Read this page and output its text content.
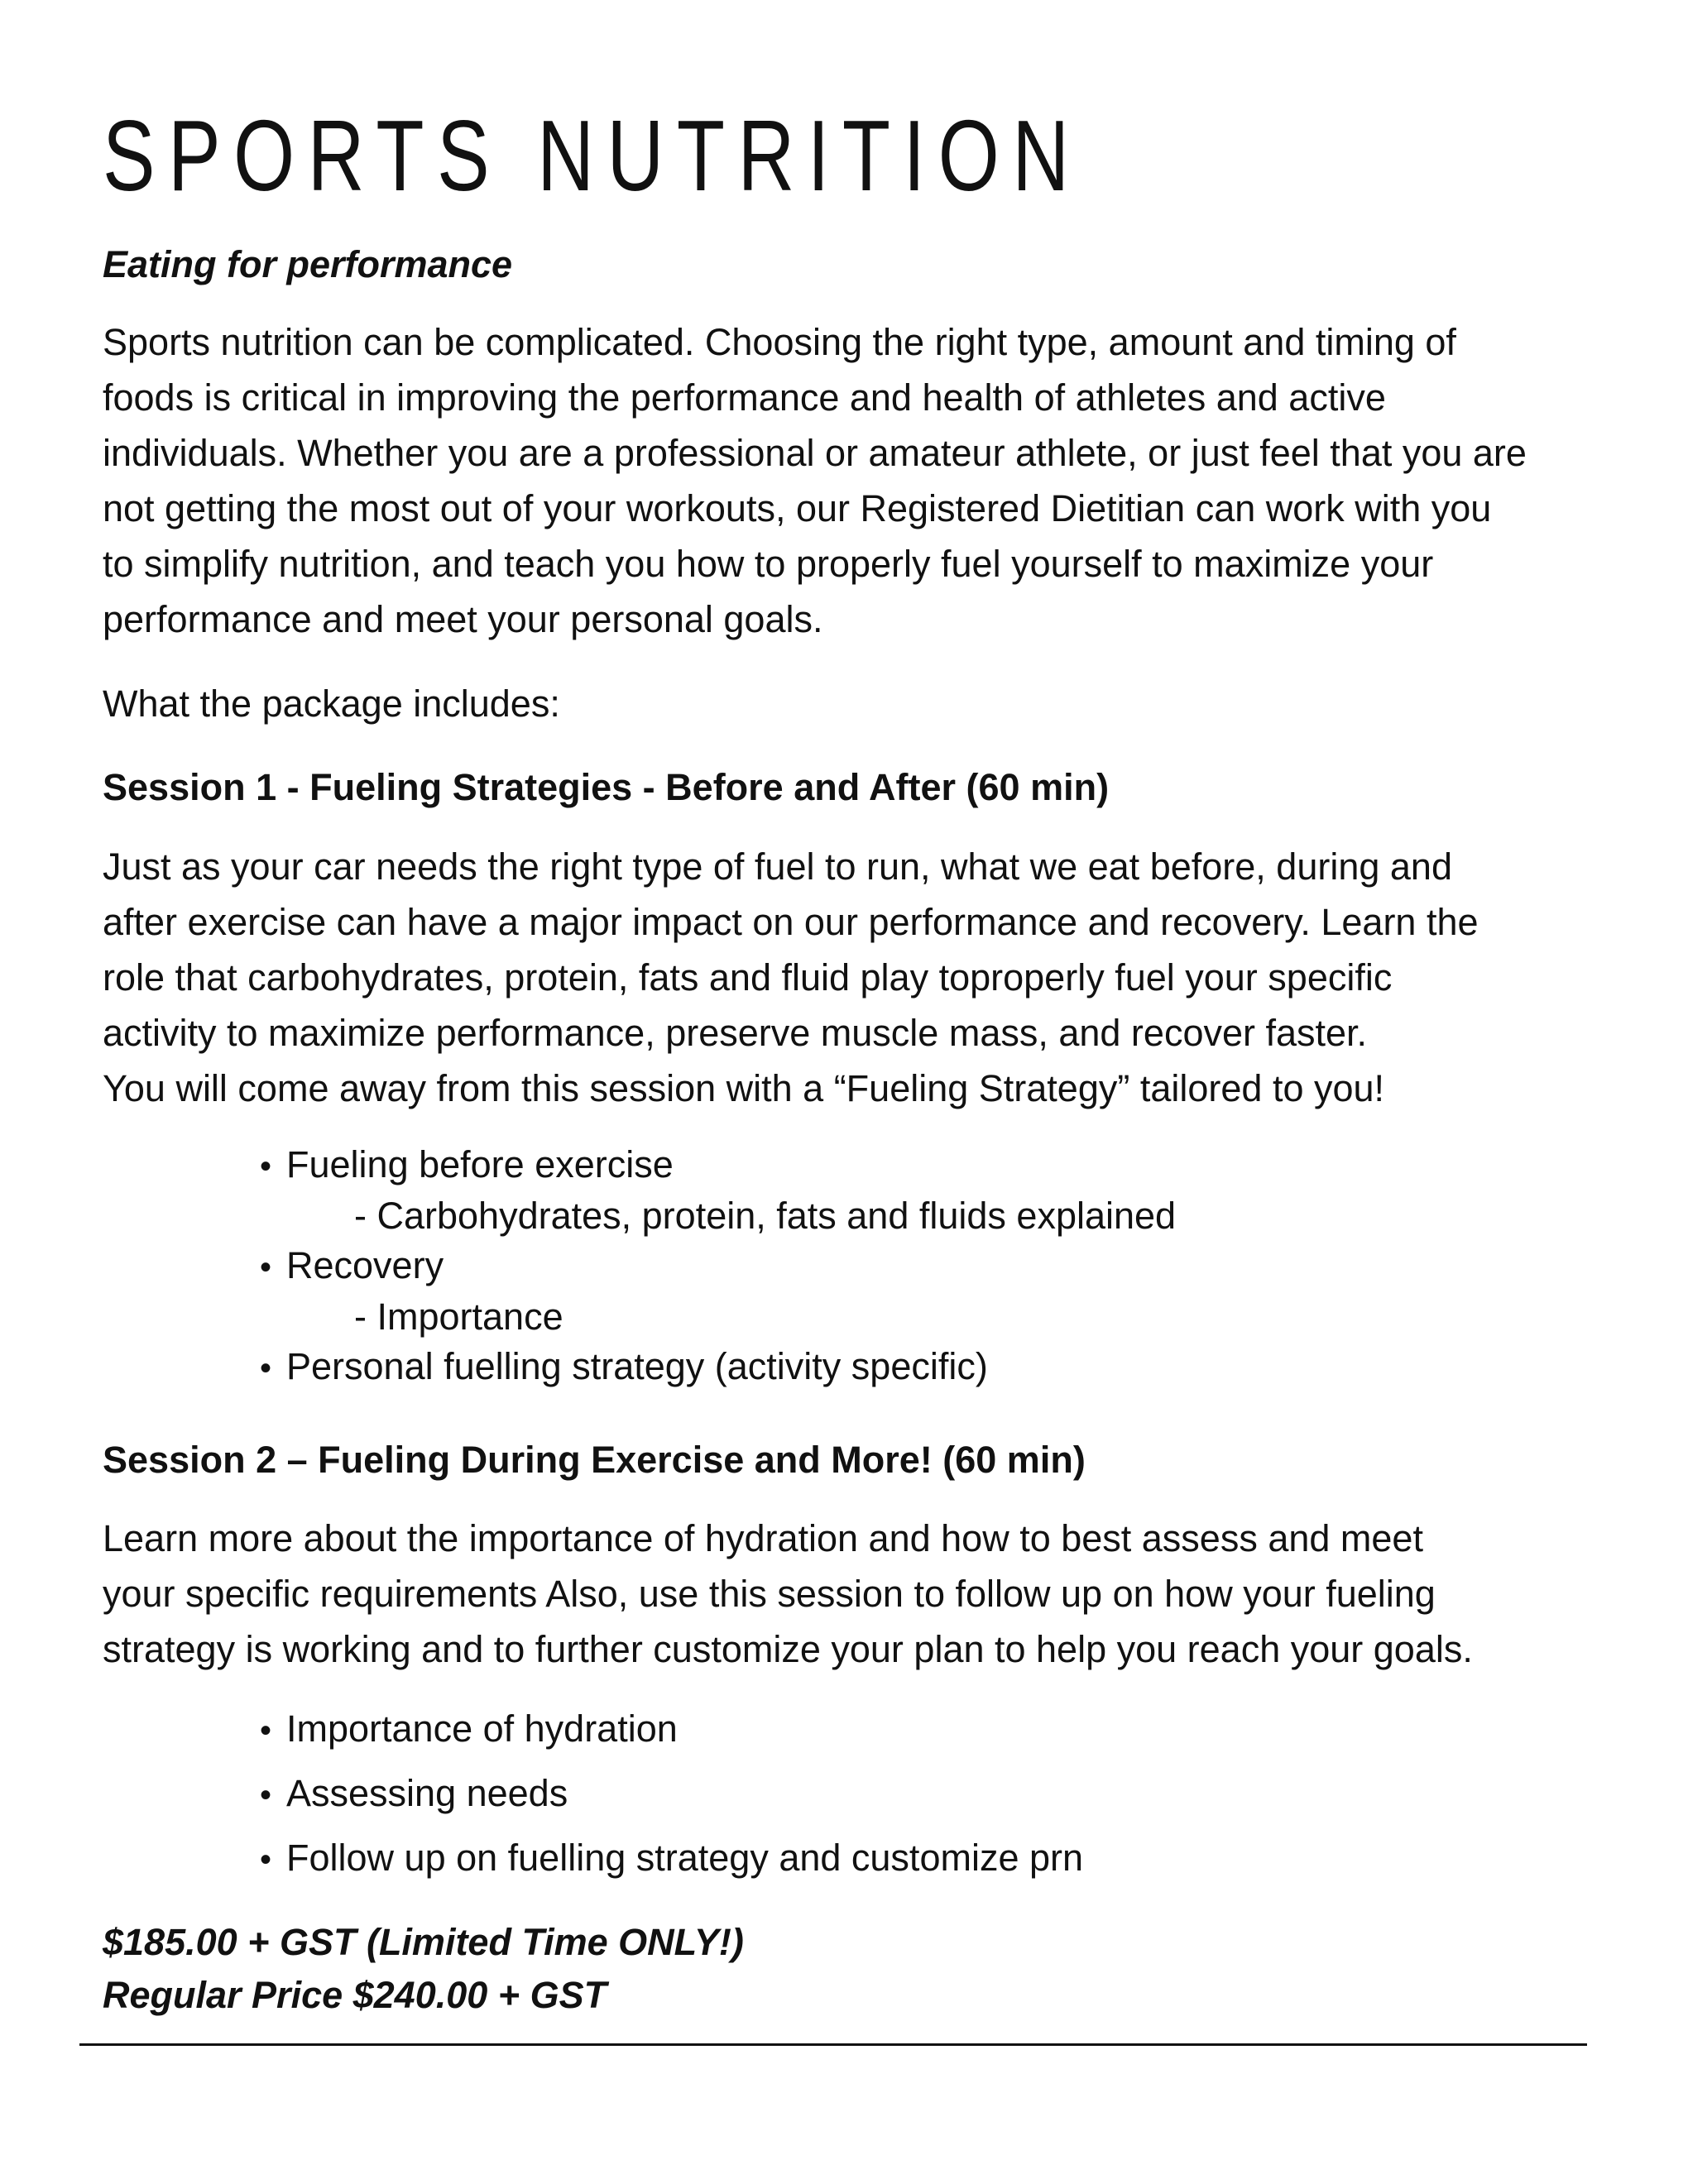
SPORTS NUTRITION

Eating for performance

Sports nutrition can be complicated. Choosing the right type, amount and timing of
foods is critical in improving the performance and health of athletes and active
individuals. Whether you are a professional or amateur athlete, or just feel that you are
not getting the most out of your workouts, our Registered Dietitian can work with you
to simplify nutrition, and teach you how to properly fuel yourself to maximize your
performance and meet your personal goals.

What the package includes:

Session 1 - Fueling Strategies - Before and After (60 min)

Just as your car needs the right type of fuel to run, what we eat before, during and
after exercise can have a major impact on our performance and recovery. Learn the
role that carbohydrates, protein, fats and fluid play toproperly fuel your specific
activity to maximize performance, preserve muscle mass, and recover faster.
You will come away from this session with a “Fueling Strategy” tailored to you!

• Fueling before exercise
- Carbohydrates, protein, fats and fluids explained
• Recovery
- Importance
• Personal fuelling strategy (activity specific)

Session 2 – Fueling During Exercise and More! (60 min)

Learn more about the importance of hydration and how to best assess and meet
your specific requirements Also, use this session to follow up on how your fueling
strategy is working and to further customize your plan to help you reach your goals.

• Importance of hydration
• Assessing needs
• Follow up on fuelling strategy and customize prn

$185.00 + GST (Limited Time ONLY!)

Regular Price $240.00 + GST
